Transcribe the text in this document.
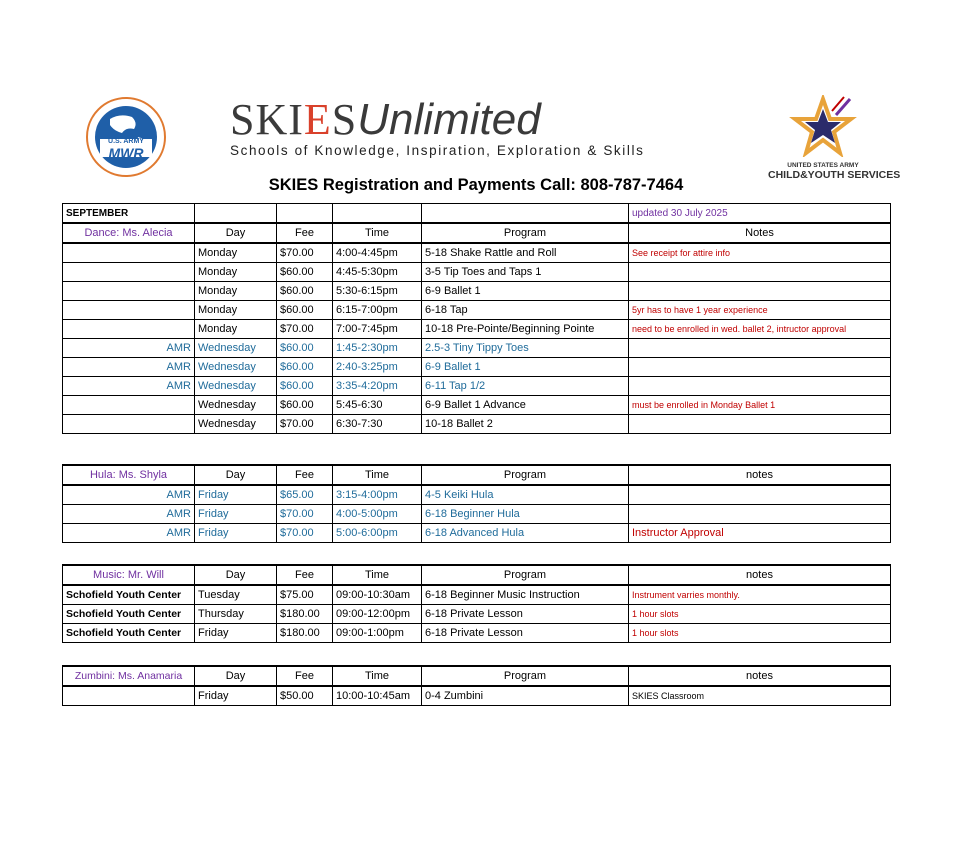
U.S. ARMY
MWR
SKIESUnlimited
Schools of Knowledge, Inspiration, Exploration & Skills
UNITED STATES ARMY
CHILD&YOUTH SERVICES
SKIES Registration and Payments Call: 808-787-7464
SEPTEMBER					updated 30 July 2025
Dance: Ms. Alecia	Day	Fee	Time	Program	Notes
	Monday	$70.00	4:00-4:45pm	5-18 Shake Rattle and Roll	See receipt for attire info
	Monday	$60.00	4:45-5:30pm	3-5 Tip Toes and Taps 1	
	Monday	$60.00	5:30-6:15pm	6-9 Ballet 1	
	Monday	$60.00	6:15-7:00pm	6-18 Tap	5yr has to have 1 year experience
	Monday	$70.00	7:00-7:45pm	10-18 Pre-Pointe/Beginning Pointe	need to be enrolled in wed. ballet 2, intructor approval
AMR	Wednesday	$60.00	1:45-2:30pm	2.5-3 Tiny Tippy Toes	
AMR	Wednesday	$60.00	2:40-3:25pm	6-9 Ballet 1	
AMR	Wednesday	$60.00	3:35-4:20pm	6-11 Tap 1/2	
	Wednesday	$60.00	5:45-6:30	6-9 Ballet 1 Advance	must be enrolled in Monday Ballet 1
	Wednesday	$70.00	6:30-7:30	10-18 Ballet 2	
Hula: Ms. Shyla	Day	Fee	Time	Program	notes
AMR	Friday	$65.00	3:15-4:00pm	4-5 Keiki Hula	
AMR	Friday	$70.00	4:00-5:00pm	6-18 Beginner Hula	
AMR	Friday	$70.00	5:00-6:00pm	6-18 Advanced Hula	Instructor Approval
Music: Mr. Will	Day	Fee	Time	Program	notes
Schofield Youth Center	Tuesday	$75.00	09:00-10:30am	6-18 Beginner Music Instruction	Instrument varries monthly.
Schofield Youth Center	Thursday	$180.00	09:00-12:00pm	6-18 Private Lesson	1 hour slots
Schofield Youth Center	Friday	$180.00	09:00-1:00pm	6-18 Private Lesson	1 hour slots
Zumbini: Ms. Anamaria	Day	Fee	Time	Program	notes
	Friday	$50.00	10:00-10:45am	0-4 Zumbini	SKIES Classroom
